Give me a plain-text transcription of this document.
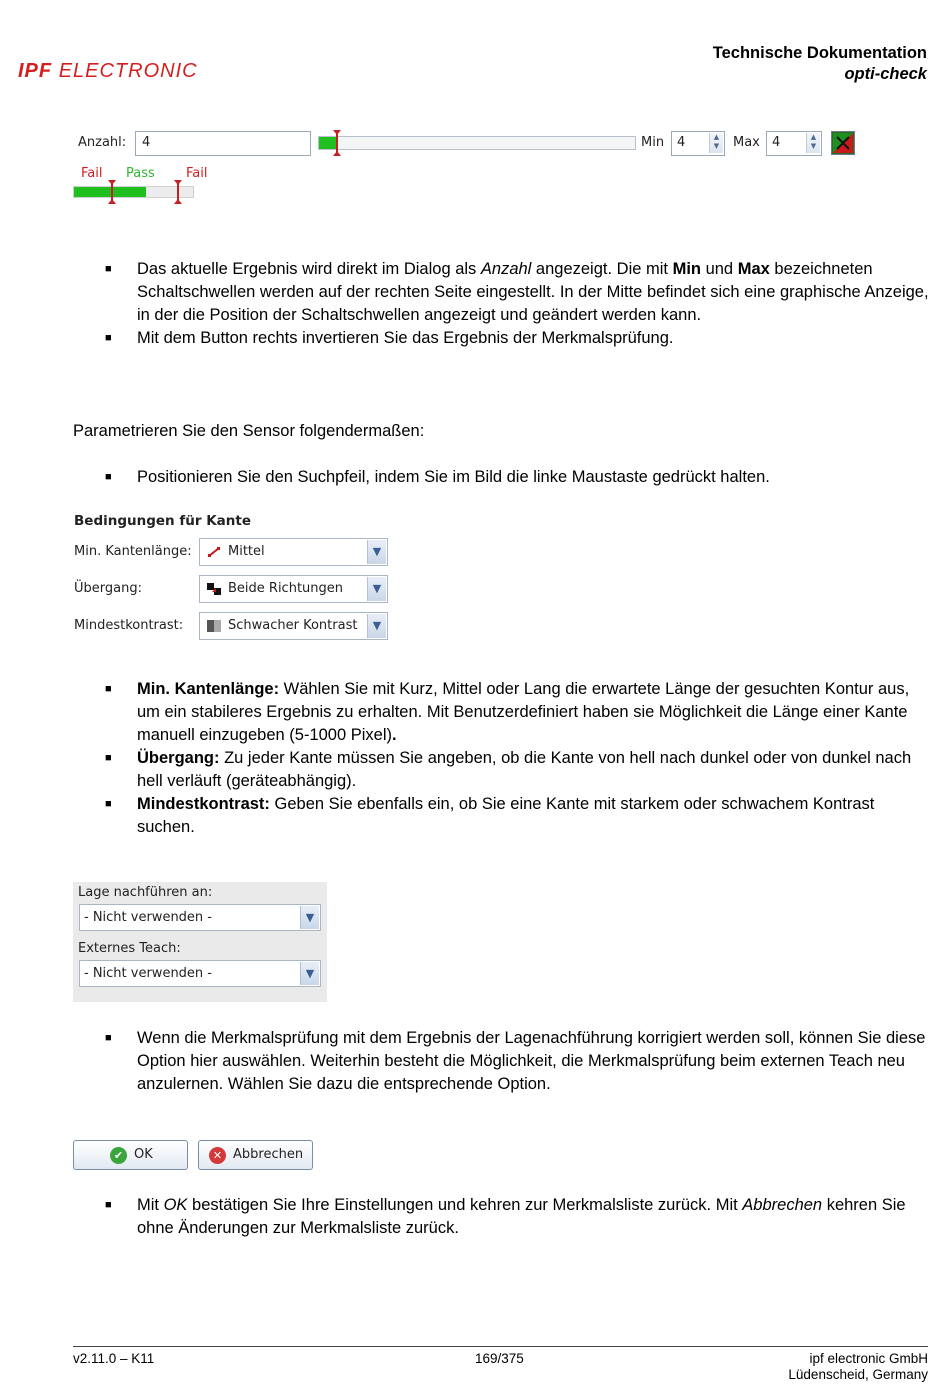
IPF ELECTRONIC
Technische Dokumentation
opti-check
Anzahl:	4	Min 4	▲
▼ Max 4	▲
▼
Fail Pass Fail
■ Das aktuelle Ergebnis wird direkt im Dialog als Anzahl angezeigt. Die mit Min und Max bezeichneten Schaltschwellen werden auf der rechten Seite eingestellt. In der Mitte befindet sich eine graphische Anzeige, in der die Position der Schaltschwellen angezeigt und geändert werden kann.
■ Mit dem Button rechts invertieren Sie das Ergebnis der Merkmalsprüfung.
Parametrieren Sie den Sensor folgendermaßen:
■ Positionieren Sie den Suchpfeil, indem Sie im Bild die linke Maustaste gedrückt halten.
Bedingungen für Kante
Min. Kantenlänge:	Mittel	▼
Übergang:	Beide Richtungen	▼
Mindestkontrast:	Schwacher Kontrast	▼
■ Min. Kantenlänge: Wählen Sie mit Kurz, Mittel oder Lang die erwartete Länge der gesuchten Kontur aus, um ein stabileres Ergebnis zu erhalten. Mit Benutzerdefiniert haben sie Möglichkeit die Länge einer Kante manuell einzugeben (5-1000 Pixel).
■ Übergang: Zu jeder Kante müssen Sie angeben, ob die Kante von hell nach dunkel oder von dunkel nach hell verläuft (geräteabhängig).
■ Mindestkontrast: Geben Sie ebenfalls ein, ob Sie eine Kante mit starkem oder schwachem Kontrast suchen.
Lage nachführen an:
- Nicht verwenden -	▼
Externes Teach:
- Nicht verwenden -	▼
■ Wenn die Merkmalsprüfung mit dem Ergebnis der Lagenachführung korrigiert werden soll, können Sie diese Option hier auswählen. Weiterhin besteht die Möglichkeit, die Merkmalsprüfung beim externen Teach neu anzulernen. Wählen Sie dazu die entsprechende Option.
✔ OK	✕ Abbrechen
■ Mit OK bestätigen Sie Ihre Einstellungen und kehren zur Merkmalsliste zurück. Mit Abbrechen kehren Sie ohne Änderungen zur Merkmalsliste zurück.
v2.11.0 – K11	169/375	ipf electronic GmbH
Lüdenscheid, Germany
